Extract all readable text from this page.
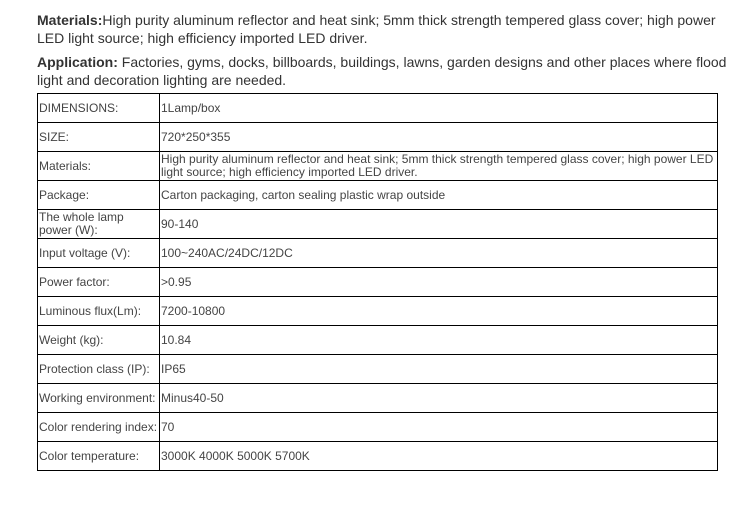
Materials:High purity aluminum reflector and heat sink; 5mm thick strength tempered glass cover; high power LED light source; high efficiency imported LED driver.
Application: Factories, gyms, docks, billboards, buildings, lawns, garden designs and other places where flood light and decoration lighting are needed.
DIMENSIONS:	1Lamp/box
SIZE:	720*250*355
Materials:	High purity aluminum reflector and heat sink; 5mm thick strength tempered glass cover; high power LED light source; high efficiency imported LED driver.
Package:	Carton packaging, carton sealing plastic wrap outside
The whole lamp power (W):	90-140
Input voltage (V):	100~240AC/24DC/12DC
Power factor:	>0.95
Luminous flux(Lm):	7200-10800
Weight (kg):	10.84
Protection class (IP):	IP65
Working environment:	Minus40-50
Color rendering index:	70
Color temperature:	3000K 4000K 5000K 5700K
